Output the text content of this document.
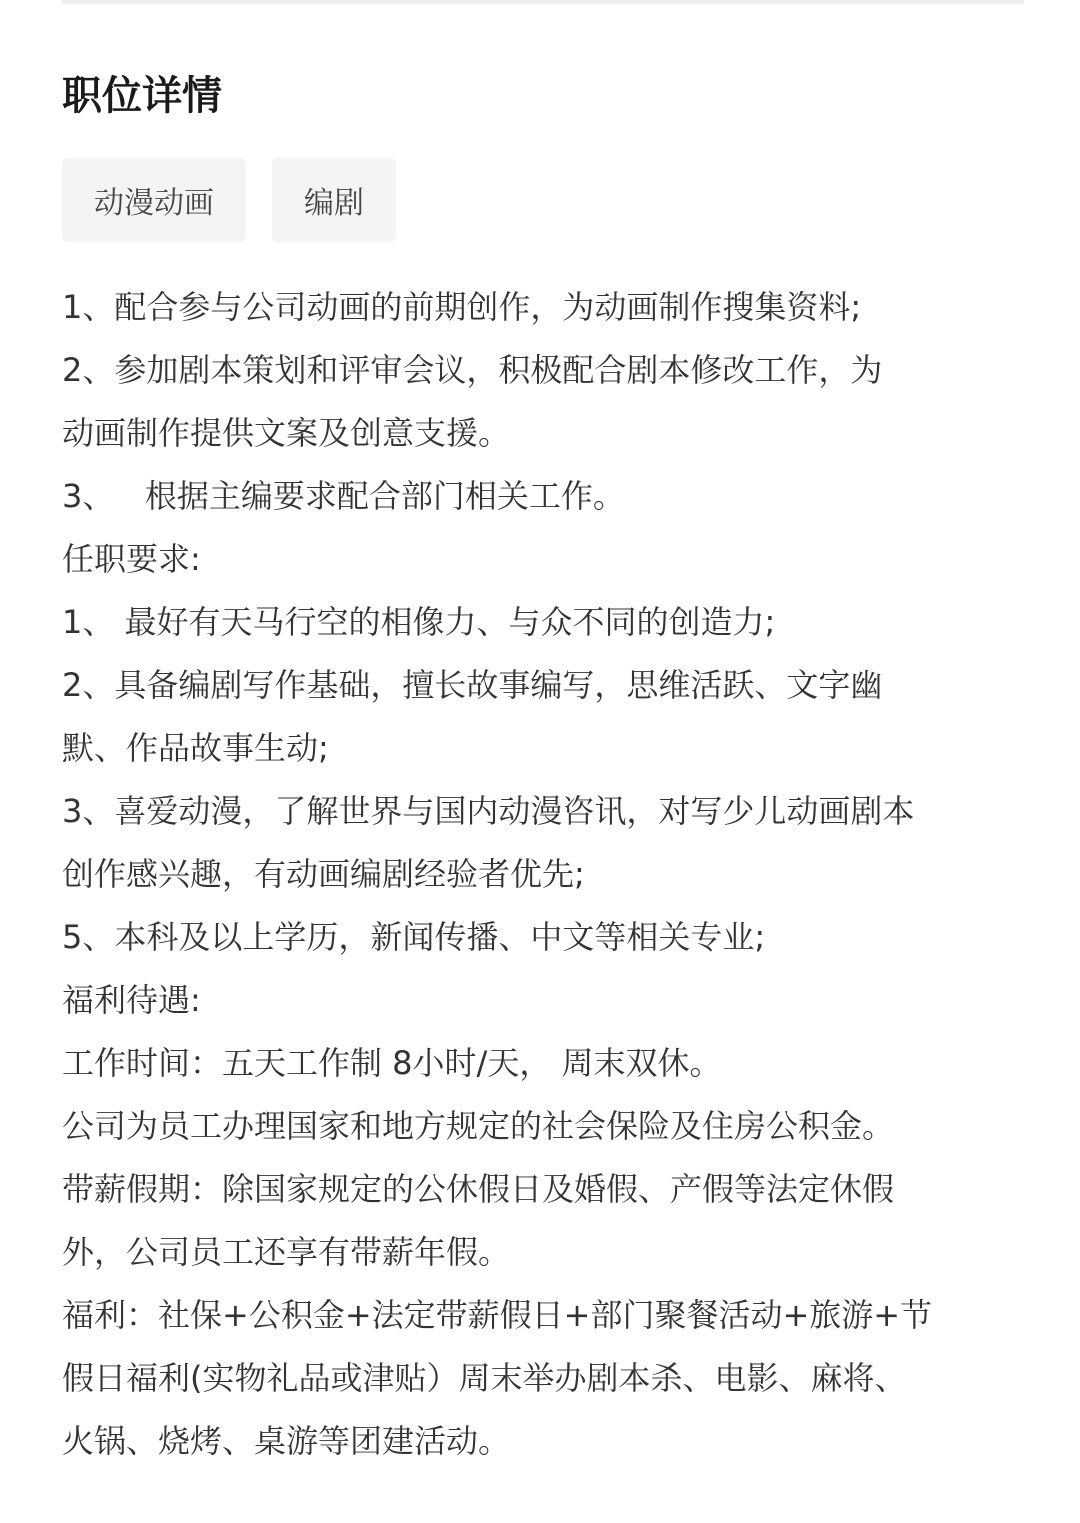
职位详情
动漫动画	编剧
1、配合参与公司动画的前期创作，为动画制作搜集资料;
2、参加剧本策划和评审会议，积极配合剧本修改工作，为
动画制作提供文案及创意支援。
3、   根据主编要求配合部门相关工作。
任职要求:
1、 最好有天马行空的相像力、与众不同的创造力;
2、具备编剧写作基础，擅长故事编写，思维活跃、文字幽
默、作品故事生动;
3、喜爱动漫，了解世界与国内动漫咨讯，对写少儿动画剧本
创作感兴趣，有动画编剧经验者优先;
5、本科及以上学历，新闻传播、中文等相关专业;
福利待遇:
工作时间：五天工作制 8小时/天， 周末双休。
公司为员工办理国家和地方规定的社会保险及住房公积金。
带薪假期：除国家规定的公休假日及婚假、产假等法定休假
外，公司员工还享有带薪年假。
福利：社保+公积金+法定带薪假日+部门聚餐活动+旅游+节
假日福利(实物礼品或津贴）周末举办剧本杀、电影、麻将、
火锅、烧烤、桌游等团建活动。
